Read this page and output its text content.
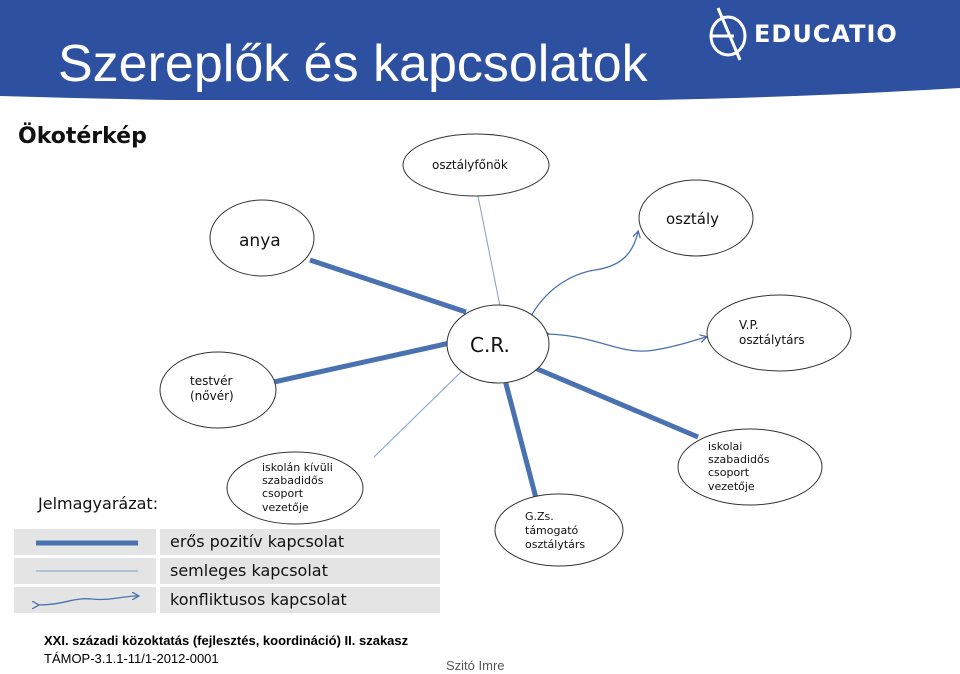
Szereplők és kapcsolatok
EDUCATIO
Ökotérkép
C.R.
osztályfőnök
anya
osztály
V.P.
osztálytárs
testvér
(nővér)
iskolán kívüli
szabadidős
csoport
vezetője
iskolai
szabadidős
csoport
vezetője
G.Zs.
támogató
osztálytárs
Jelmagyarázat:
erős pozitív kapcsolat
semleges kapcsolat
konfliktusos kapcsolat
XXI. századi közoktatás (fejlesztés, koordináció) II. szakasz
TÁMOP-3.1.1-11/1-2012-0001	Szitó Imre
